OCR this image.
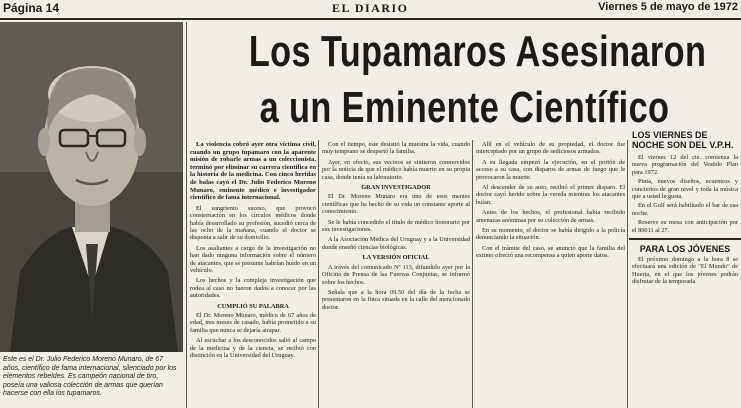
Página 14	EL DIARIO	Viernes 5 de mayo de 1972
Este es el Dr. Julio Federico Moreno Munaro, de 67 años, científico de fama internacional, silenciado por los elementos rebeldes. Es campeón nacional de tiro, poseía una valiosa colección de armas que querían hacerse con ella los tupamaros.
Los Tupamaros Asesinaron
a un Eminente Científico

La violencia cobró ayer otra víctima civil, cuando un grupo tupamaro con la aparente misión de robarle armas a un coleccionista, terminó por eliminar su carrera científica en la historia de la medicina. Con cinco heridas de balas cayó el Dr. Julio Federico Moreno Munaro, eminente médico e investigador científico de fama internacional.

El sangriento suceso, que provocó consternación en los círculos médicos donde había desarrollado su profesión, sucedió cerca de las ocho de la mañana, cuando el doctor se disponía a salir de su domicilio.

Los asaltantes a cargo de la investigación no han dado ninguna información sobre el número de atacantes, que se presume habrían huido en un vehículo.

Los hechos y la compleja investigación que rodea al caso no fueron dados a conocer por las autoridades.

CUMPLIÓ SU PALABRA

El Dr. Moreno Munaro, médico de 67 años de edad, tres meses de casado, había prometido a su familia que nunca se dejaría atrapar.

Al escuchar a los desconocidos salió al campo de la medicina y de la ciencia, se recibió con distinción en la Universidad del Uruguay.

Con el tiempo, este desistió la muestra la vida, cuando muy temprano se despertó la familia.

Ayer, en efecto, sus vecinos se sintieron conmovidos por la noticia de que el médico había muerto en su propia casa, donde tenía su laboratorio.

GRAN INVESTIGADOR

El Dr. Moreno Munaro era uno de esos mentes científicas que ha hecho de su vida un constante aporte al conocimiento.

Se le había concedido el título de médico honorario por sus investigaciones.

A la Asociación Médica del Uruguay y a la Universidad donde enseñó ciencias biológicas.

LA VERSIÓN OFICIAL

A través del comunicado Nº 113, difundido ayer por la Oficina de Prensa de las Fuerzas Conjuntas, se informó sobre los hechos.

Señala que a la hora 09.50 del día de la fecha se presentaron en la finca situada en la calle del mencionado doctor.

Allí en el vehículo de su propiedad, el doctor fue interceptado por un grupo de sediciosos armados.

A su llegada empezó la ejecución, en el portón de acceso a su casa, con disparos de armas de fuego que le provocaron la muerte.

Al descender de su auto, recibió el primer disparo. El doctor cayó herido sobre la vereda mientras los atacantes huían.

Antes de los hechos, el profesional había recibido amenazas anónimas por su colección de armas.

En su momento, el doctor se había dirigido a la policía denunciando la situación.

Con el trámite del caso, se anunció que la familia del extinto ofreció una recompensa a quien aporte datos.

LOS VIERNES DE NOCHE SON DEL V.P.H.

El viernes 12 del cte. comienza la nueva programación del Vestido Plan para 1972.

Pinta, nuevos diseños, ecuentros y conciertos de gran nivel y toda la música que a usted le gusta.

En el Golf será habilitado el bar de esa noche.

Reserve su mesa con anticipación por el 89011 al 27.

PARA LOS JÓVENES

El próximo domingo a la hora 8 se efectuará una edición de "El Mundo" de Huerta, en el que los jóvenes podrán disfrutar de la temporada.
